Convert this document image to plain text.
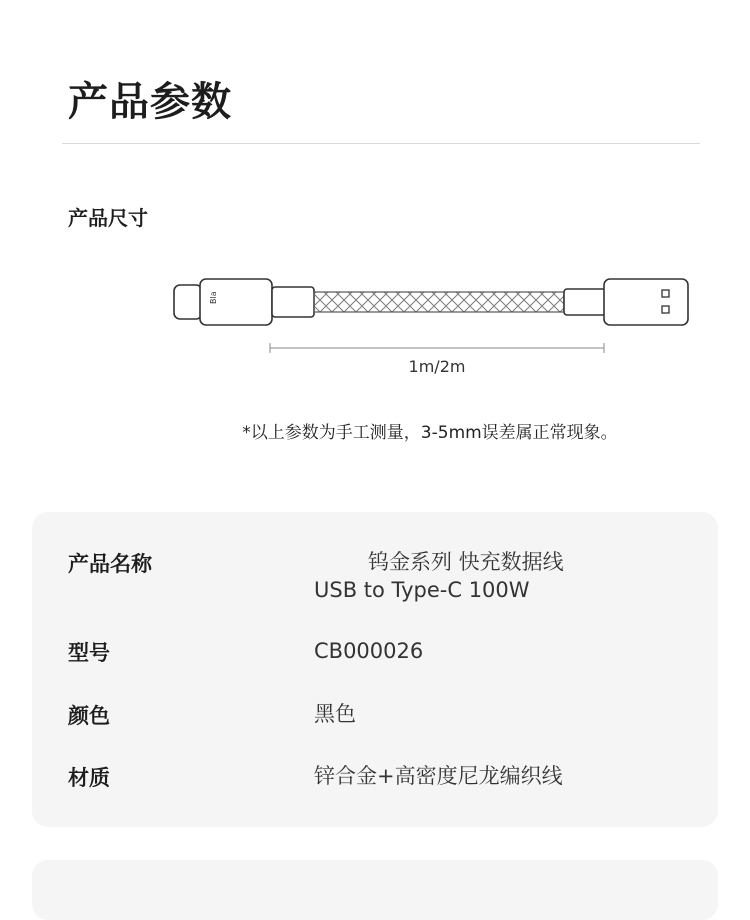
产品参数
产品尺寸
Bla
1m/2m
*以上参数为手工测量，3-5mm误差属正常现象。
产品名称	钨金系列 快充数据线
USB to Type-C 100W
型号	CB000026
颜色	黑色
材质	锌合金+高密度尼龙编织线
